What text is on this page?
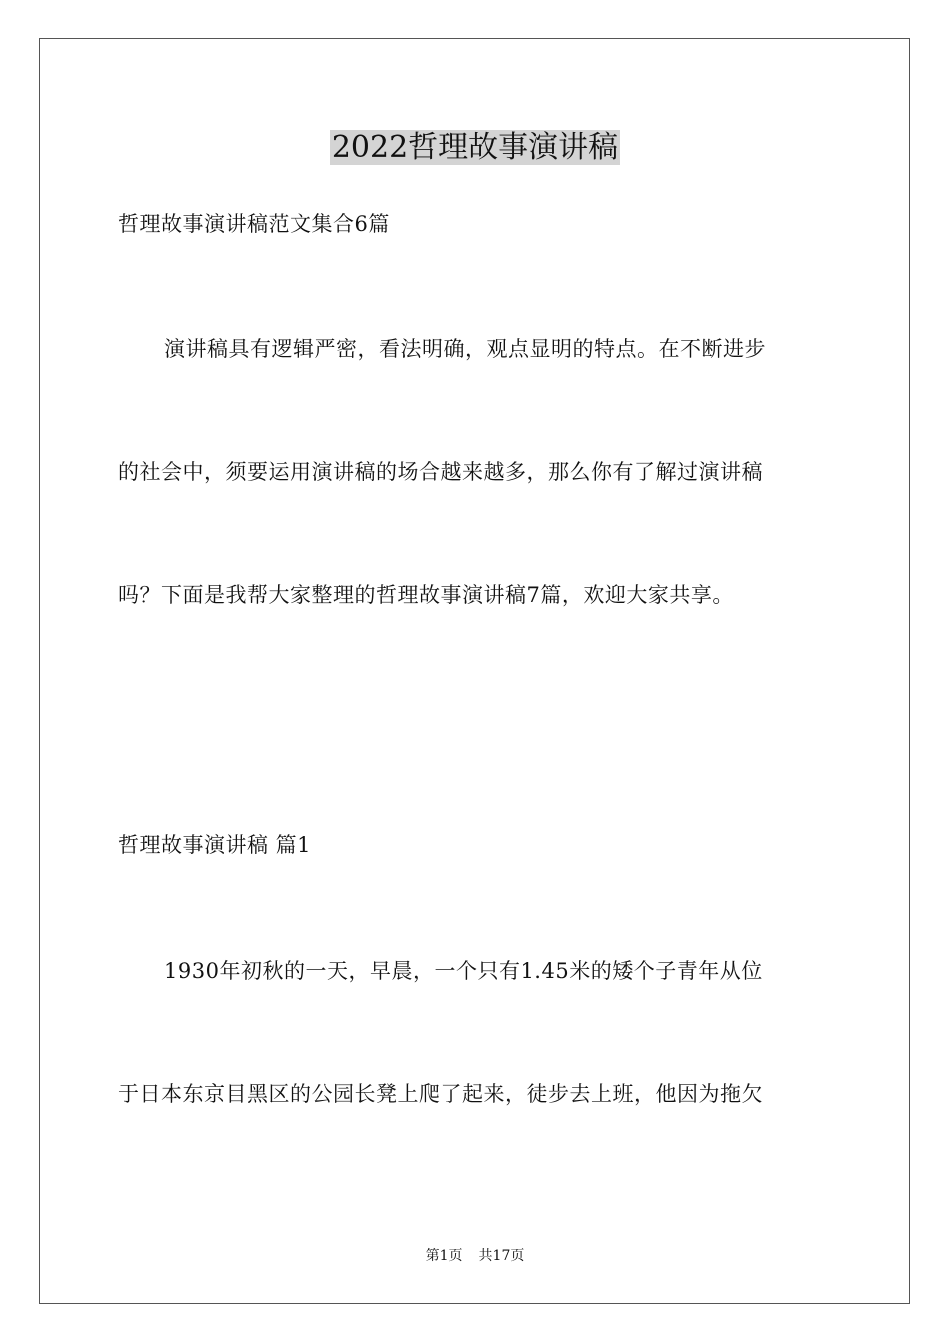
2022哲理故事演讲稿
哲理故事演讲稿范文集合6篇
演讲稿具有逻辑严密，看法明确，观点显明的特点。在不断进步
的社会中，须要运用演讲稿的场合越来越多，那么你有了解过演讲稿
吗？下面是我帮大家整理的哲理故事演讲稿7篇，欢迎大家共享。
哲理故事演讲稿 篇1
1930年初秋的一天，早晨，一个只有1.45米的矮个子青年从位
于日本东京目黑区的公园长凳上爬了起来，徒步去上班，他因为拖欠
第1页 共17页
